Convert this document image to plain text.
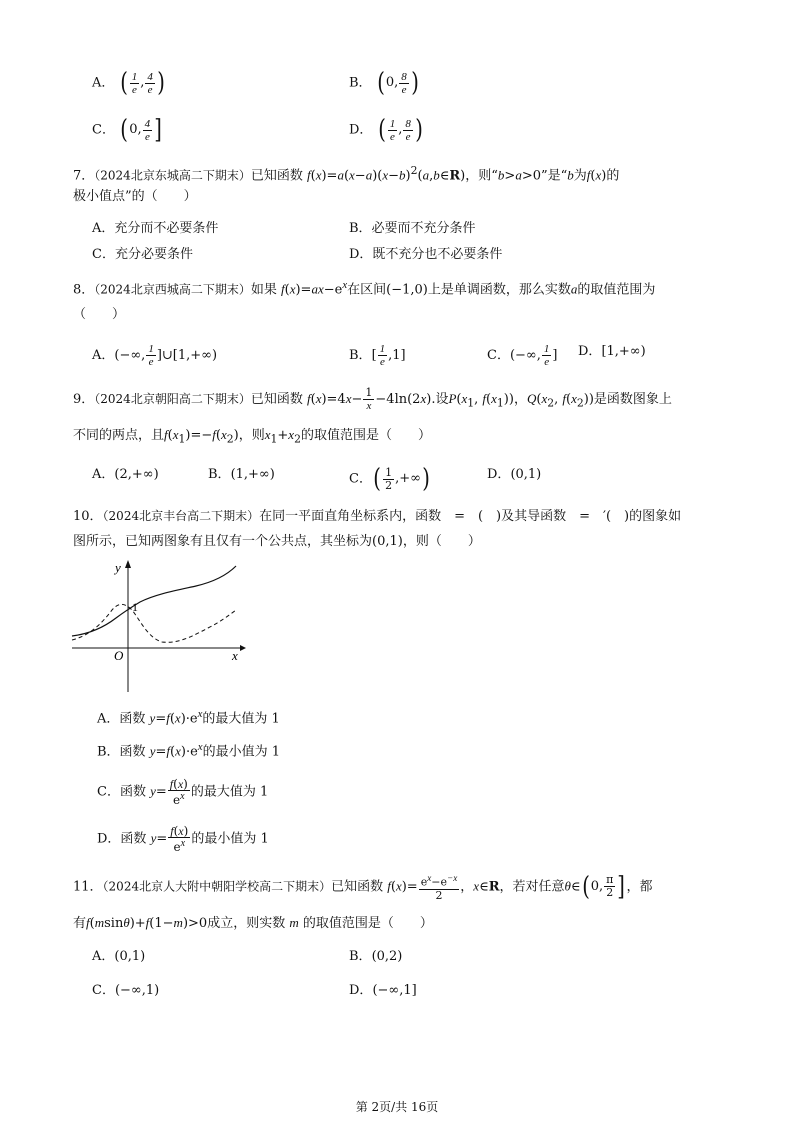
A． ( $\frac{1}{e}$ , $\frac{4}{e}$ )	B． (0, $\frac{8}{e}$ )
C． (0, $\frac{4}{e}$ ]	D． ( $\frac{1}{e}$ , $\frac{8}{e}$ )
7．（2024北京东城高二下期末）已知函数 $f(x)=a(x-a)(x-b)^2(a,b\in R)$，则“b>a>0”是“b为f(x)的
极小值点”的（　　）
A．充分而不必要条件	B．必要而不充分条件
C．充分必要条件	D．既不充分也不必要条件
8．（2024北京西城高二下期末）如果 $f(x)=ax-e^x$在区间(−1,0)上是单调函数，那么实数a的取值范围为
（　　）
A．(−∞, $\frac{1}{e}$ ]∪[1,+∞)	B．[ $\frac{1}{e} ,1$]	C．(−∞, $\frac{1}{e}$ ] D．[1,+∞)
9．（2024北京朝阳高二下期末）已知函数 $f(x)=4x- \frac{1}{x} -4\ln(2x)$.设$P(x_1$, $f(x_1)$)，$Q(x_2$, $f(x_2)$)是函数图象上
不同的两点，且$f(x_1)=-f(x_2)$，则$x_1+x_2$的取值范围是（　　）
A．(2,+∞)	B．(1,+∞)	C．( $\frac{1}{2}$ ,+∞)	D．(0,1)
10．（2024北京丰台高二下期末）在同一平面直角坐标系内，函数　=　(　)及其导函数　=　′(　)的图象如
图所示，已知两图象有且仅有一个公共点，其坐标为(0,1)，则（　　）
y
x
O
1
A．函数 $y=f(x)\cdot e^x$的最大值为 1
B．函数 $y=f(x)\cdot e^x$的最小值为 1
C．函数 $y= \frac{f(x)}{e^x}$ 的最大值为 1
D．函数 $y= \frac{f(x)}{e^x}$ 的最小值为 1
11．（2024北京人大附中朝阳学校高二下期末）已知函数 $f(x)= \frac{e^x-e^{-x}}{2}$ ，x∈R，若对任意θ∈(0, $\frac{\pi}{2}$ ]，都
有f(msinθ)+f(1−m)>0成立，则实数 m 的取值范围是（　　）
A．(0,1)	B．(0,2)
C．(−∞,1)	D．(−∞,1]
第 2页/共 16页
